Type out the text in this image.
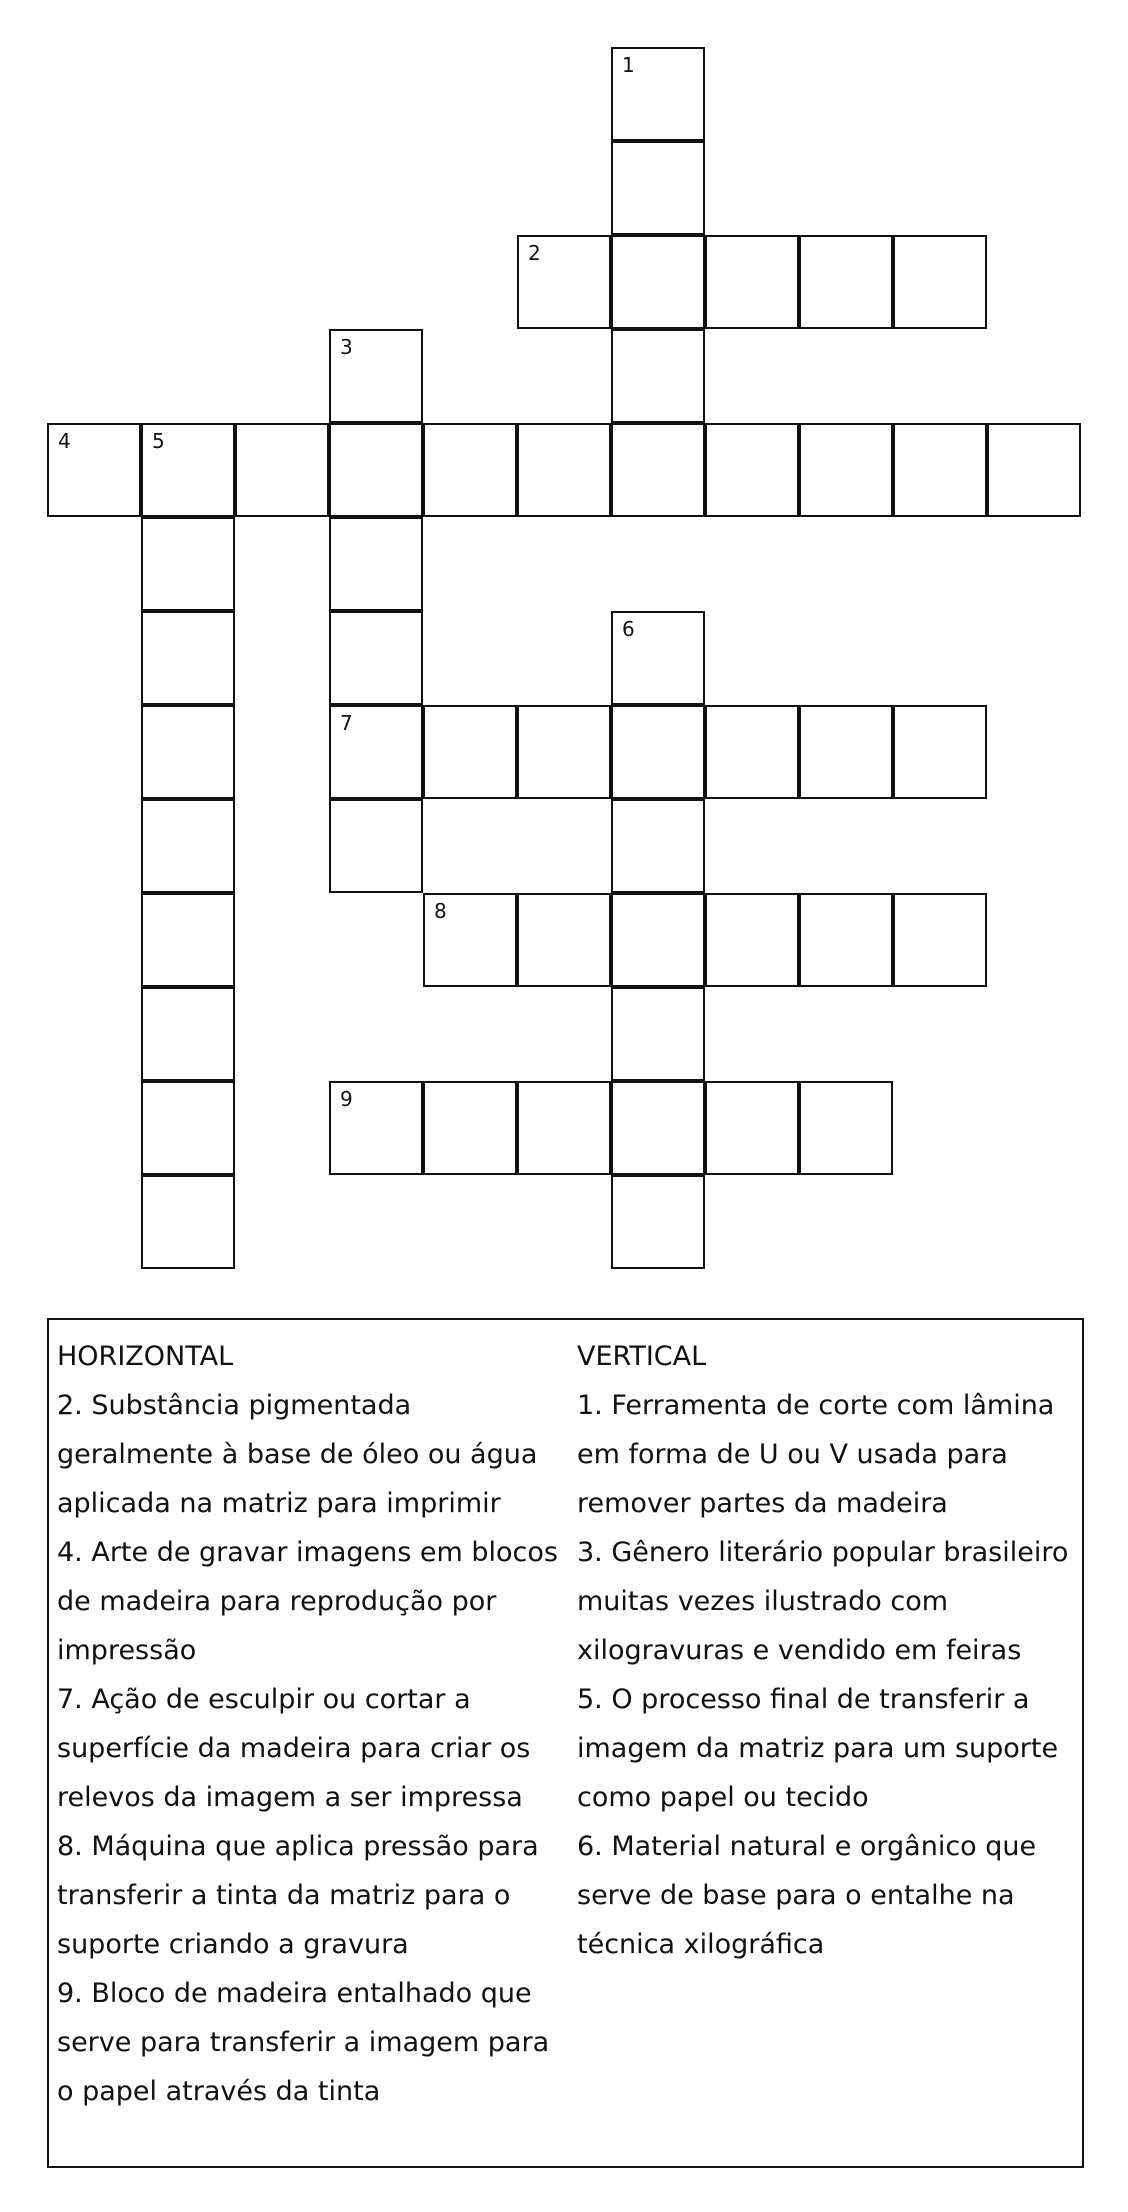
1
2
3
4	5
6
7
8
9
HORIZONTAL
2. Substância pigmentada
geralmente à base de óleo ou água
aplicada na matriz para imprimir
4. Arte de gravar imagens em blocos
de madeira para reprodução por
impressão
7. Ação de esculpir ou cortar a
superfície da madeira para criar os
relevos da imagem a ser impressa
8. Máquina que aplica pressão para
transferir a tinta da matriz para o
suporte criando a gravura
9. Bloco de madeira entalhado que
serve para transferir a imagem para
o papel através da tinta
VERTICAL
1. Ferramenta de corte com lâmina
em forma de U ou V usada para
remover partes da madeira
3. Gênero literário popular brasileiro
muitas vezes ilustrado com
xilogravuras e vendido em feiras
5. O processo final de transferir a
imagem da matriz para um suporte
como papel ou tecido
6. Material natural e orgânico que
serve de base para o entalhe na
técnica xilográfica
